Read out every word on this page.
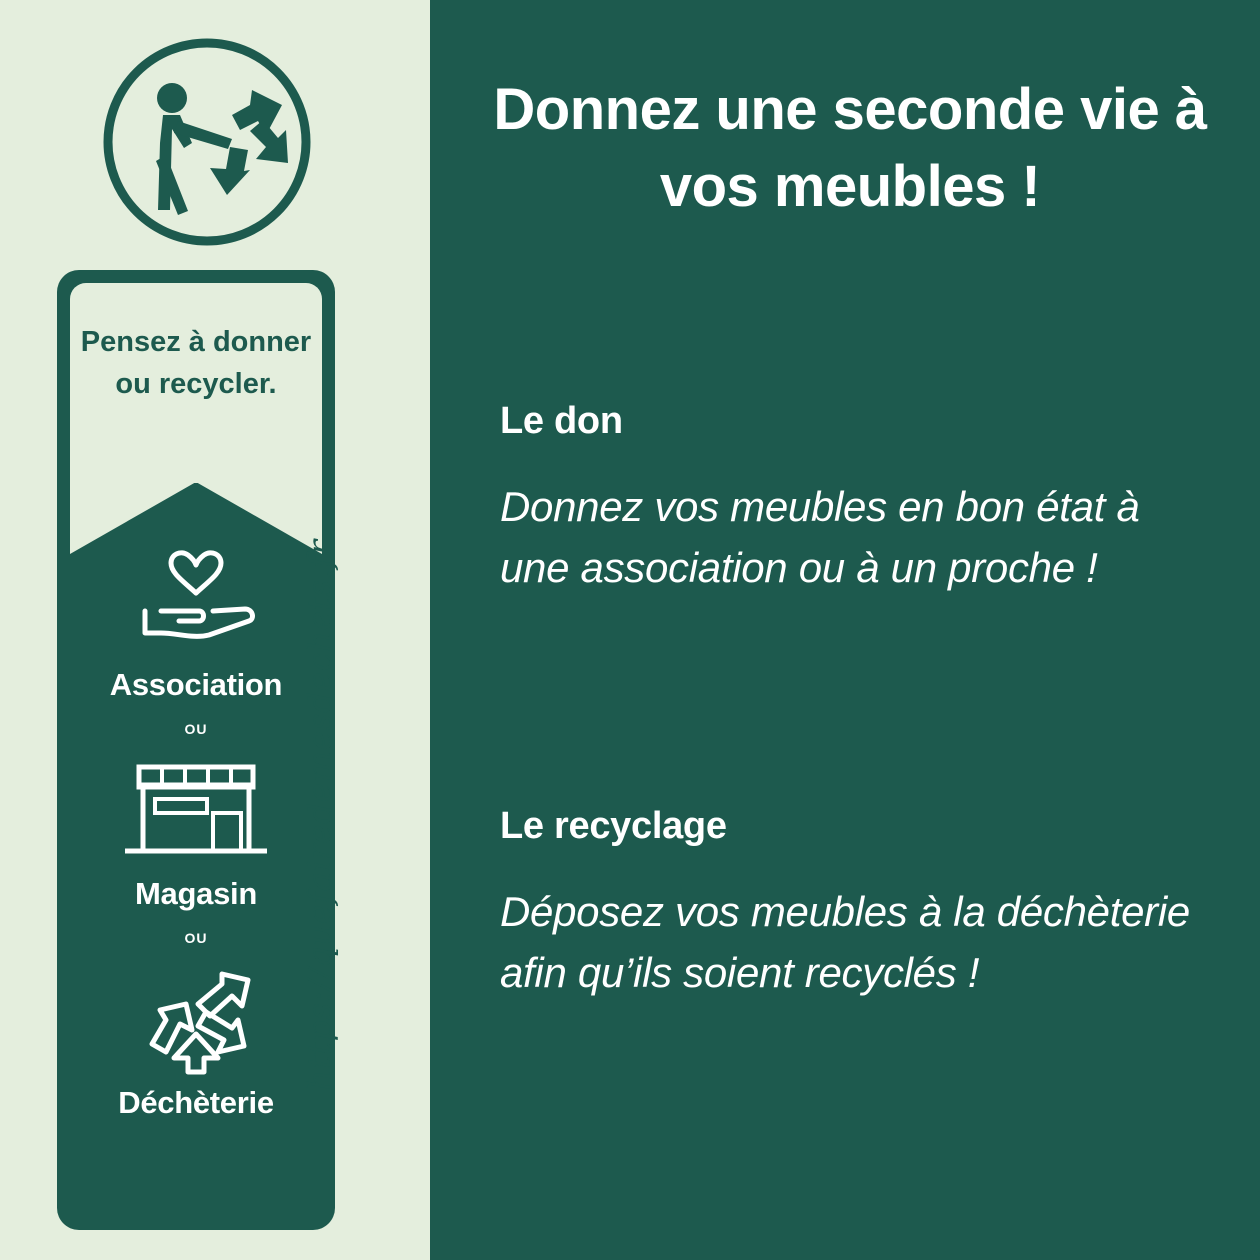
Pensez à donner ou recycler.
Association
ou
Magasin
ou
Déchèterie
https://quefairedemesdechets.fr
Donnez une seconde vie à vos meubles !
Le don

Donnez vos meubles en bon état à une association ou à un proche !

Le recyclage

Déposez vos meubles à la déchèterie afin qu’ils soient recyclés !
